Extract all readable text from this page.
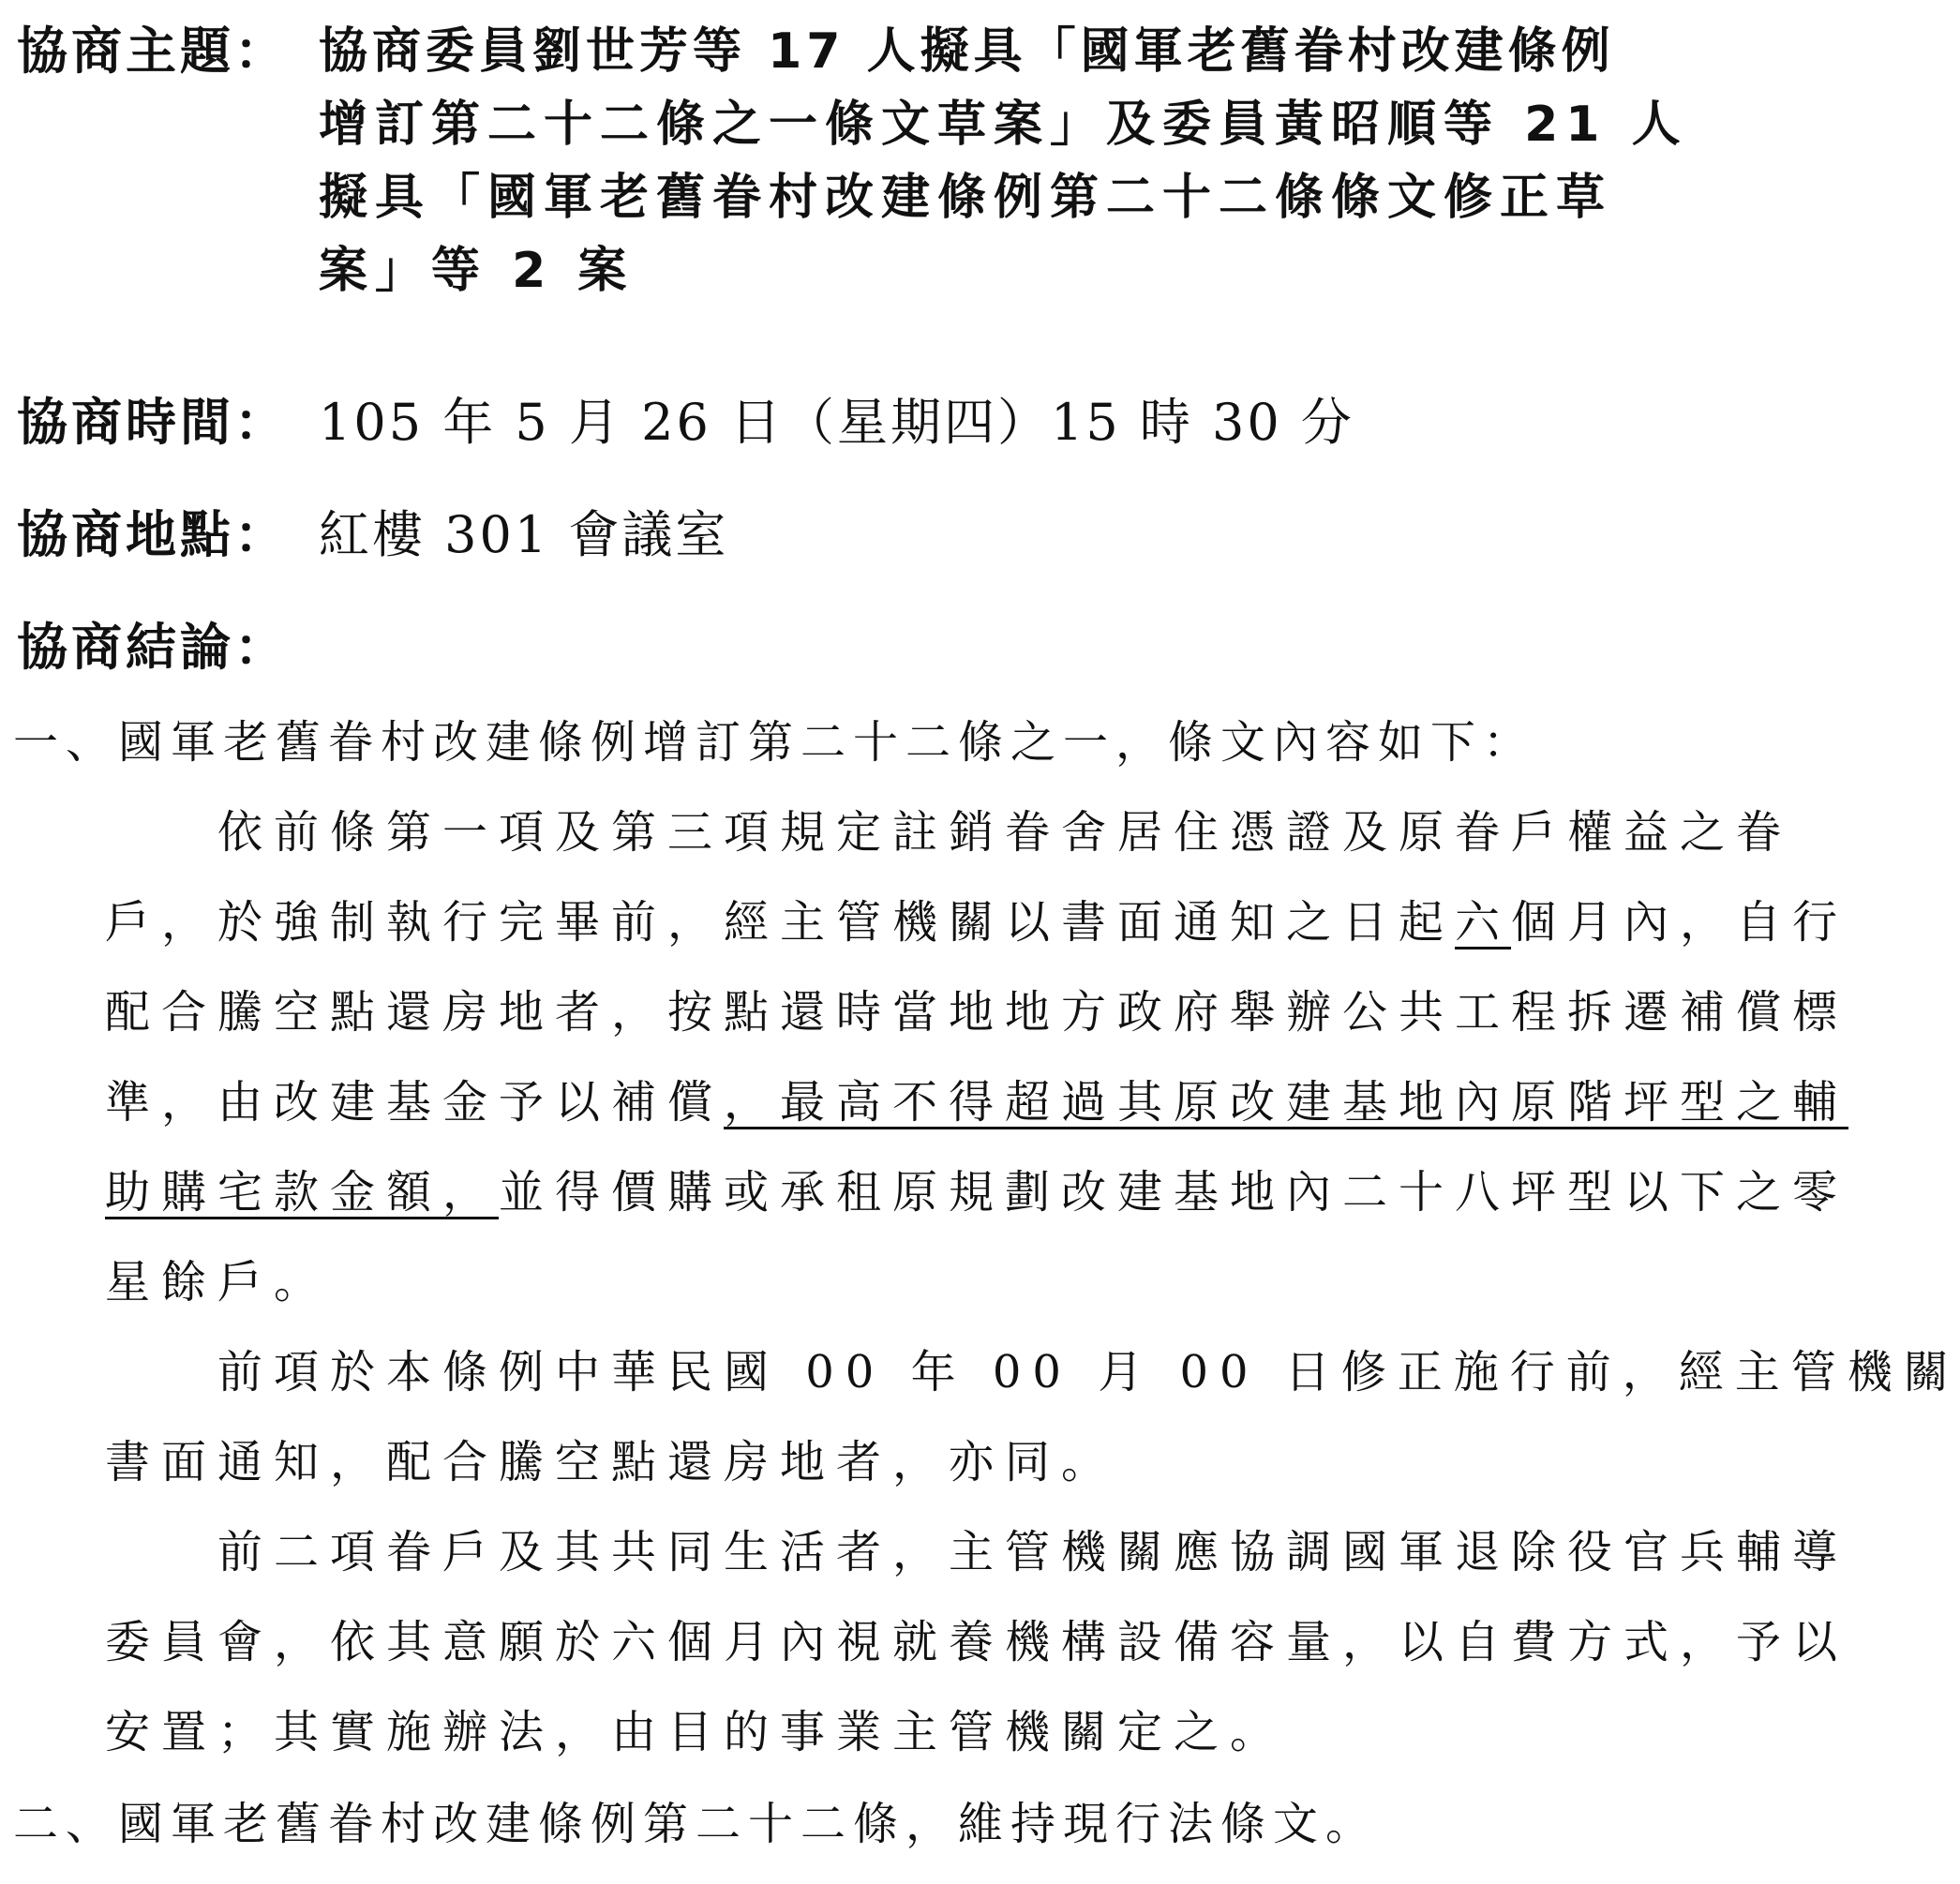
協商主題： 協商委員劉世芳等 17 人擬具「國軍老舊眷村改建條例
增訂第二十二條之一條文草案」及委員黃昭順等 21 人
擬具「國軍老舊眷村改建條例第二十二條條文修正草
案」等 2 案
協商時間： 105 年 5 月 26 日（星期四）15 時 30 分
協商地點： 紅樓 301 會議室
協商結論：
一、國軍老舊眷村改建條例增訂第二十二條之一，條文內容如下：
依前條第一項及第三項規定註銷眷舍居住憑證及原眷戶權益之眷
戶，於強制執行完畢前，經主管機關以書面通知之日起六個月內，自行
配合騰空點還房地者，按點還時當地地方政府舉辦公共工程拆遷補償標
準，由改建基金予以補償，最高不得超過其原改建基地內原階坪型之輔
助購宅款金額，並得價購或承租原規劃改建基地內二十八坪型以下之零
星餘戶。
前項於本條例中華民國 00 年 00 月 00 日修正施行前，經主管機關
書面通知，配合騰空點還房地者，亦同。
前二項眷戶及其共同生活者，主管機關應協調國軍退除役官兵輔導
委員會，依其意願於六個月內視就養機構設備容量，以自費方式，予以
安置；其實施辦法，由目的事業主管機關定之。
二、國軍老舊眷村改建條例第二十二條，維持現行法條文。
